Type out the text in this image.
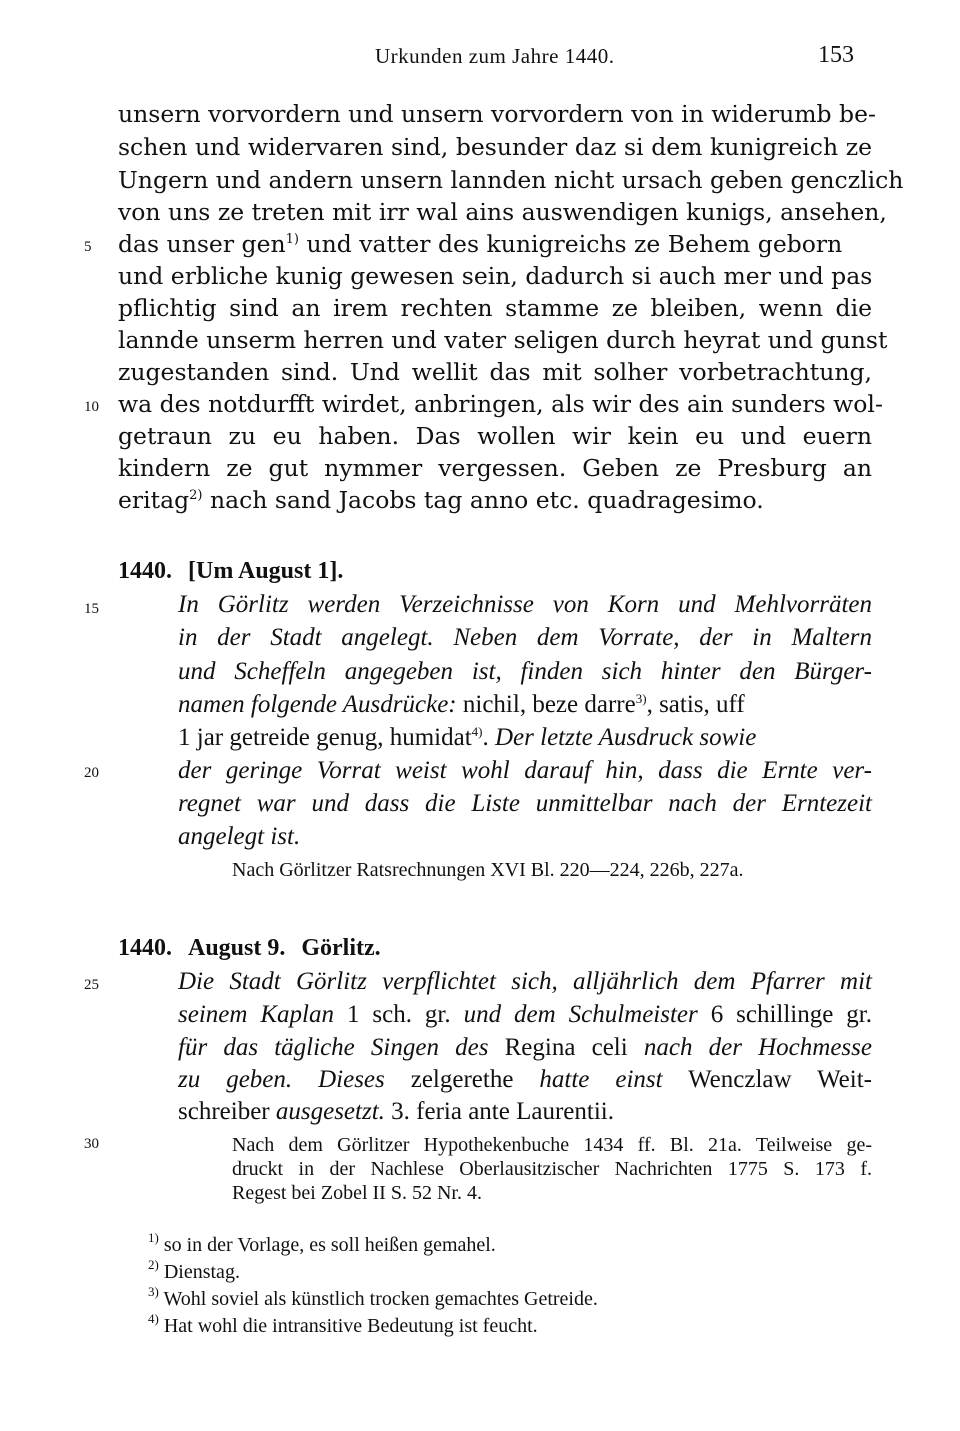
Urkunden zum Jahre 1440.	153
unsern vorvordern und unsern vorvordern von in widerumb be-
schen und widervaren sind, besunder daz si dem kunigreich ze
Ungern und andern unsern lannden nicht ursach geben genczlich
von uns ze treten mit irr wal ains auswendigen kunigs, ansehen,
das unser gen$^{1)}$ und vatter des kunigreichs ze Behem geborn
und erbliche kunig gewesen sein, dadurch si auch mer und pas
pflichtig sind an irem rechten stamme ze bleiben, wenn die
lannde unserm herren und vater seligen durch heyrat und gunst
zugestanden sind. Und wellit das mit solher vorbetrachtung,
wa des notdurfft wirdet, anbringen, als wir des ain sunders wol-
getraun zu eu haben. Das wollen wir kein eu und euern
kindern ze gut nymmer vergessen. Geben ze Presburg an
eritag$^{2)}$ nach sand Jacobs tag anno etc. quadragesimo.
5
10
15
20
25
30
1440. [Um August 1].
In Görlitz werden Verzeichnisse von Korn und Mehlvorräten
in der Stadt angelegt. Neben dem Vorrate, der in Maltern
und Scheffeln angegeben ist, finden sich hinter den Bürger-
namen folgende Ausdrücke: nichil, beze darre$^{3)}$, satis, uff
1 jar getreide genug, humidat$^{4)}$. Der letzte Ausdruck sowie
der geringe Vorrat weist wohl darauf hin, dass die Ernte ver-
regnet war und dass die Liste unmittelbar nach der Erntezeit
angelegt ist.
Nach Görlitzer Ratsrechnungen XVI Bl. 220—224, 226b, 227a.
1440. August 9. Görlitz.
Die Stadt Görlitz verpflichtet sich, alljährlich dem Pfarrer mit
seinem Kaplan 1 sch. gr. und dem Schulmeister 6 schillinge gr.
für das tägliche Singen des Regina celi nach der Hochmesse
zu geben. Dieses zelgerethe hatte einst Wenczlaw Weit-
schreiber ausgesetzt. 3. feria ante Laurentii.
Nach dem Görlitzer Hypothekenbuche 1434 ff. Bl. 21a. Teilweise ge-
druckt in der Nachlese Oberlausitzischer Nachrichten 1775 S. 173 f.
Regest bei Zobel II S. 52 Nr. 4.
$^{1)}$ so in der Vorlage, es soll heißen gemahel.
$^{2)}$ Dienstag.
$^{3)}$ Wohl soviel als künstlich trocken gemachtes Getreide.
$^{4)}$ Hat wohl die intransitive Bedeutung ist feucht.
